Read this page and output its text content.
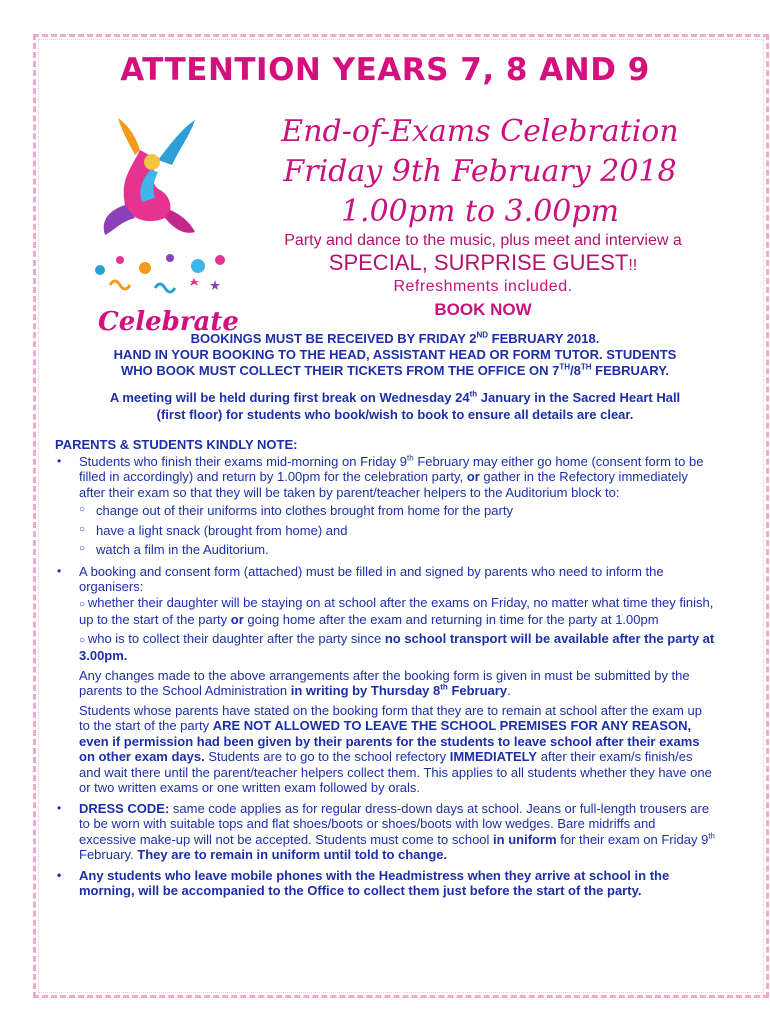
ATTENTION YEARS 7, 8 AND 9
Celebrate
End-of-Exams Celebration
Friday 9th February 2018
1.00pm to 3.00pm
Party and dance to the music, plus meet and interview a
SPECIAL, SURPRISE GUEST!!
Refreshments included.
BOOK NOW
BOOKINGS MUST BE RECEIVED BY FRIDAY 2ND FEBRUARY 2018.
HAND IN YOUR BOOKING TO THE HEAD, ASSISTANT HEAD OR FORM TUTOR. STUDENTS
WHO BOOK MUST COLLECT THEIR TICKETS FROM THE OFFICE ON 7TH/8TH FEBRUARY.
A meeting will be held during first break on Wednesday 24th January in the Sacred Heart Hall
(first floor) for students who book/wish to book to ensure all details are clear.

PARENTS & STUDENTS KINDLY NOTE:

• Students who finish their exams mid-morning on Friday 9th February may either go home (consent form to be filled in accordingly) and return by 1.00pm for the celebration party, or gather in the Refectory immediately after their exam so that they will be taken by parent/teacher helpers to the Auditorium block to:
○ change out of their uniforms into clothes brought from home for the party
○ have a light snack (brought from home) and
○ watch a film in the Auditorium.
• A booking and consent form (attached) must be filled in and signed by parents who need to inform the organisers:
○ whether their daughter will be staying on at school after the exams on Friday, no matter what time they finish, up to the start of the party or going home after the exam and returning in time for the party at 1.00pm
○ who is to collect their daughter after the party since no school transport will be available after the party at 3.00pm.
Any changes made to the above arrangements after the booking form is given in must be submitted by the parents to the School Administration in writing by Thursday 8th February.
Students whose parents have stated on the booking form that they are to remain at school after the exam up to the start of the party ARE NOT ALLOWED TO LEAVE THE SCHOOL PREMISES FOR ANY REASON, even if permission had been given by their parents for the students to leave school after their exams on other exam days. Students are to go to the school refectory IMMEDIATELY after their exam/s finish/es and wait there until the parent/teacher helpers collect them. This applies to all students whether they have one or two written exams or one written exam followed by orals.
• DRESS CODE: same code applies as for regular dress-down days at school. Jeans or full-length trousers are to be worn with suitable tops and flat shoes/boots or shoes/boots with low wedges. Bare midriffs and excessive make-up will not be accepted. Students must come to school in uniform for their exam on Friday 9th February. They are to remain in uniform until told to change.
• Any students who leave mobile phones with the Headmistress when they arrive at school in the morning, will be accompanied to the Office to collect them just before the start of the party.
